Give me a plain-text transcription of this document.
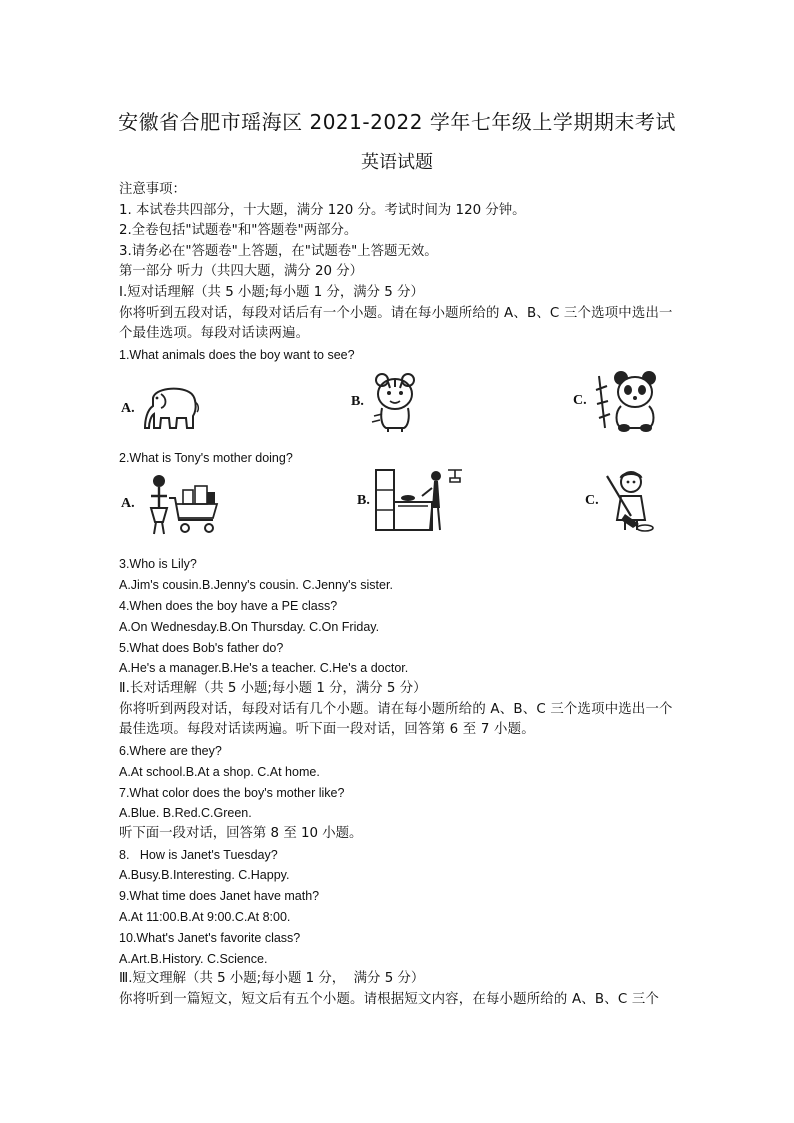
安徽省合肥市瑶海区 2021-2022 学年七年级上学期期末考试
英语试题
注意事项：
1. 本试卷共四部分，十大题，满分 120 分。考试时间为 120 分钟。
2.全卷包括"试题卷"和"答题卷"两部分。
3.请务必在"答题卷"上答题，在"试题卷"上答题无效。
第一部分 听力（共四大题，满分 20 分）
Ⅰ.短对话理解（共 5 小题;每小题 1 分，满分 5 分）
你将听到五段对话，每段对话后有一个小题。请在每小题所给的 A、B、C 三个选项中选出一个最佳选项。每段对话读两遍。
1.What animals does the boy want to see?
A.	B.	C.
2.What is Tony's mother doing?
A.	B.	C.
3.Who is Lily?
A.Jim's cousin.B.Jenny's cousin. C.Jenny's sister.
4.When does the boy have a PE class?
A.On Wednesday.B.On Thursday. C.On Friday.
5.What does Bob's father do?
A.He's a manager.B.He's a teacher. C.He's a doctor.
Ⅱ.长对话理解（共 5 小题;每小题 1 分，满分 5 分）
你将听到两段对话，每段对话有几个小题。请在每小题所给的 A、B、C 三个选项中选出一个最佳选项。每段对话读两遍。听下面一段对话，回答第 6 至 7 小题。
6.Where are they?
A.At school.B.At a shop. C.At home.
7.What color does the boy's mother like?
A.Blue. B.Red.C.Green.
听下面一段对话，回答第 8 至 10 小题。
8.   How is Janet's Tuesday?
A.Busy.B.Interesting. C.Happy.
9.What time does Janet have math?
A.At 11:00.B.At 9:00.C.At 8:00.
10.What's Janet's favorite class?
A.Art.B.History. C.Science.
Ⅲ.短文理解（共 5 小题;每小题 1 分，  满分 5 分）
你将听到一篇短文，短文后有五个小题。请根据短文内容，在每小题所给的 A、B、C 三个
